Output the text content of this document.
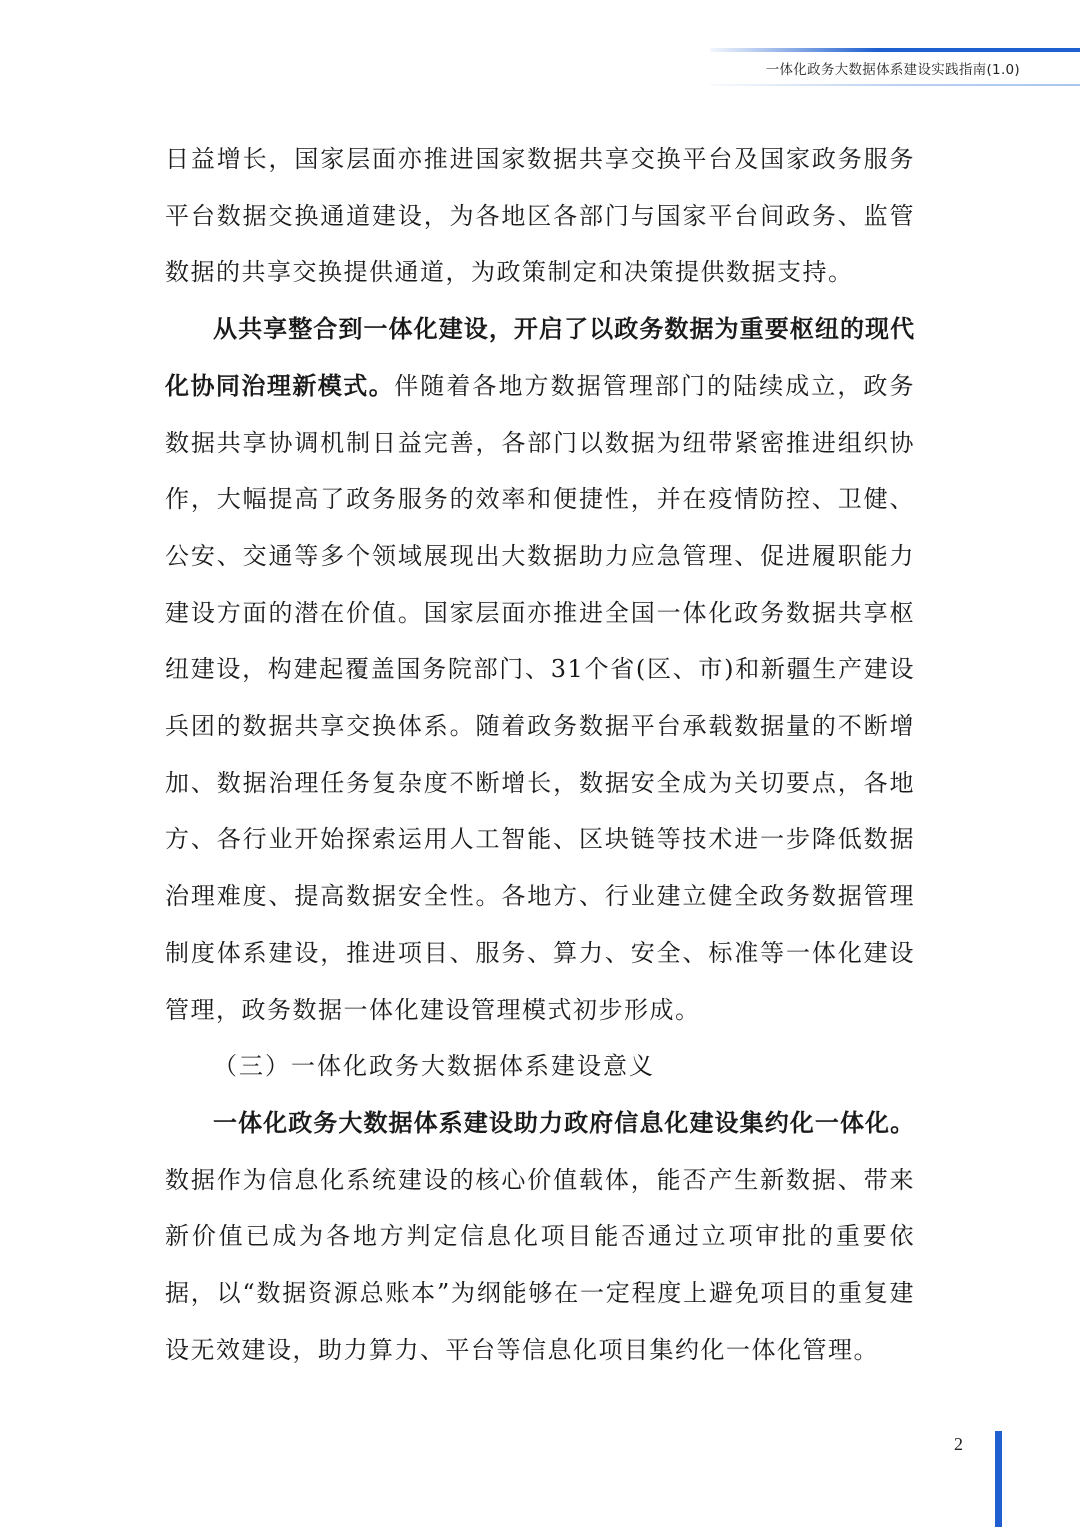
一体化政务大数据体系建设实践指南(1.0)

日益增长，国家层面亦推进国家数据共享交换平台及国家政务服务平台数据交换通道建设，为各地区各部门与国家平台间政务、监管数据的共享交换提供通道，为政策制定和决策提供数据支持。

从共享整合到一体化建设，开启了以政务数据为重要枢纽的现代化协同治理新模式。伴随着各地方数据管理部门的陆续成立，政务数据共享协调机制日益完善，各部门以数据为纽带紧密推进组织协作，大幅提高了政务服务的效率和便捷性，并在疫情防控、卫健、公安、交通等多个领域展现出大数据助力应急管理、促进履职能力建设方面的潜在价值。国家层面亦推进全国一体化政务数据共享枢纽建设，构建起覆盖国务院部门、31个省(区、市)和新疆生产建设兵团的数据共享交换体系。随着政务数据平台承载数据量的不断增加、数据治理任务复杂度不断增长，数据安全成为关切要点，各地方、各行业开始探索运用人工智能、区块链等技术进一步降低数据治理难度、提高数据安全性。各地方、行业建立健全政务数据管理制度体系建设，推进项目、服务、算力、安全、标准等一体化建设管理，政务数据一体化建设管理模式初步形成。

（三）一体化政务大数据体系建设意义

一体化政务大数据体系建设助力政府信息化建设集约化一体化。数据作为信息化系统建设的核心价值载体，能否产生新数据、带来新价值已成为各地方判定信息化项目能否通过立项审批的重要依据，以“数据资源总账本”为纲能够在一定程度上避免项目的重复建设无效建设，助力算力、平台等信息化项目集约化一体化管理。

2
